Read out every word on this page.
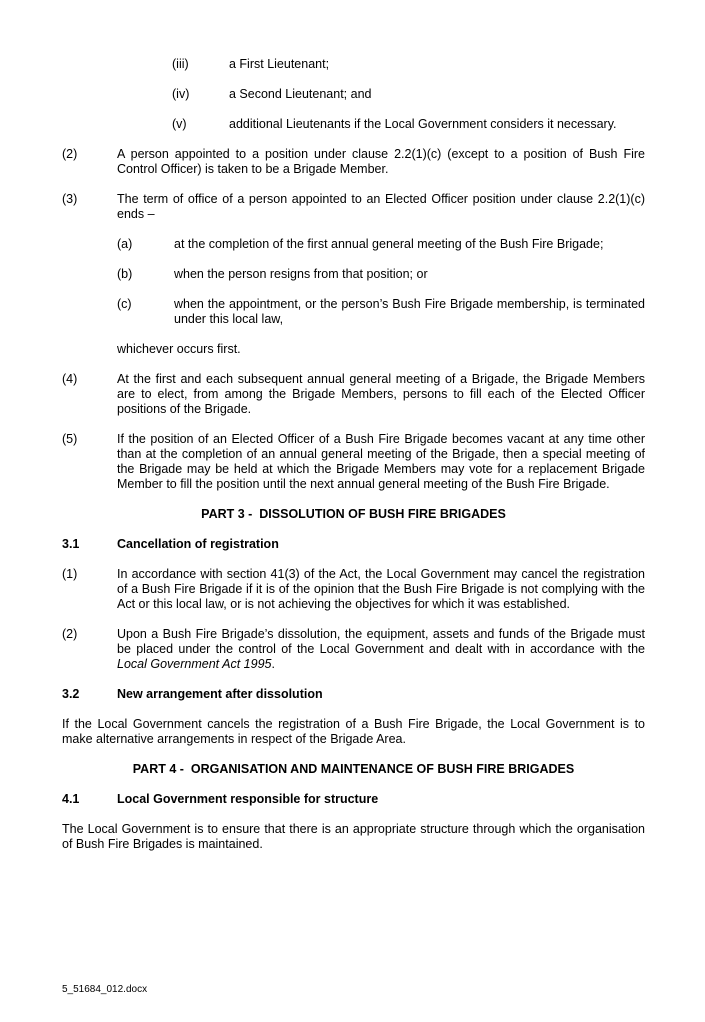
(iii)	a First Lieutenant;
(iv)	a Second Lieutenant; and
(v)	additional Lieutenants if the Local Government considers it necessary.
(2)	A person appointed to a position under clause 2.2(1)(c) (except to a position of Bush Fire Control Officer) is taken to be a Brigade Member.
(3)	The term of office of a person appointed to an Elected Officer position under clause 2.2(1)(c) ends –
(a)	at the completion of the first annual general meeting of the Bush Fire Brigade;
(b)	when the person resigns from that position; or
(c)	when the appointment, or the person’s Bush Fire Brigade membership, is terminated under this local law,
whichever occurs first.
(4)	At the first and each subsequent annual general meeting of a Brigade, the Brigade Members are to elect, from among the Brigade Members, persons to fill each of the Elected Officer positions of the Brigade.
(5)	If the position of an Elected Officer of a Bush Fire Brigade becomes vacant at any time other than at the completion of an annual general meeting of the Brigade, then a special meeting of the Brigade may be held at which the Brigade Members may vote for a replacement Brigade Member to fill the position until the next annual general meeting of the Bush Fire Brigade.
PART 3 -  DISSOLUTION OF BUSH FIRE BRIGADES
3.1	Cancellation of registration
(1)	In accordance with section 41(3) of the Act, the Local Government may cancel the registration of a Bush Fire Brigade if it is of the opinion that the Bush Fire Brigade is not complying with the Act or this local law, or is not achieving the objectives for which it was established.
(2)	Upon a Bush Fire Brigade’s dissolution, the equipment, assets and funds of the Brigade must be placed under the control of the Local Government and dealt with in accordance with the Local Government Act 1995.
3.2	New arrangement after dissolution
If the Local Government cancels the registration of a Bush Fire Brigade, the Local Government is to make alternative arrangements in respect of the Brigade Area.
PART 4 -  ORGANISATION AND MAINTENANCE OF BUSH FIRE BRIGADES
4.1	Local Government responsible for structure
The Local Government is to ensure that there is an appropriate structure through which the organisation of Bush Fire Brigades is maintained.
5_51684_012.docx
